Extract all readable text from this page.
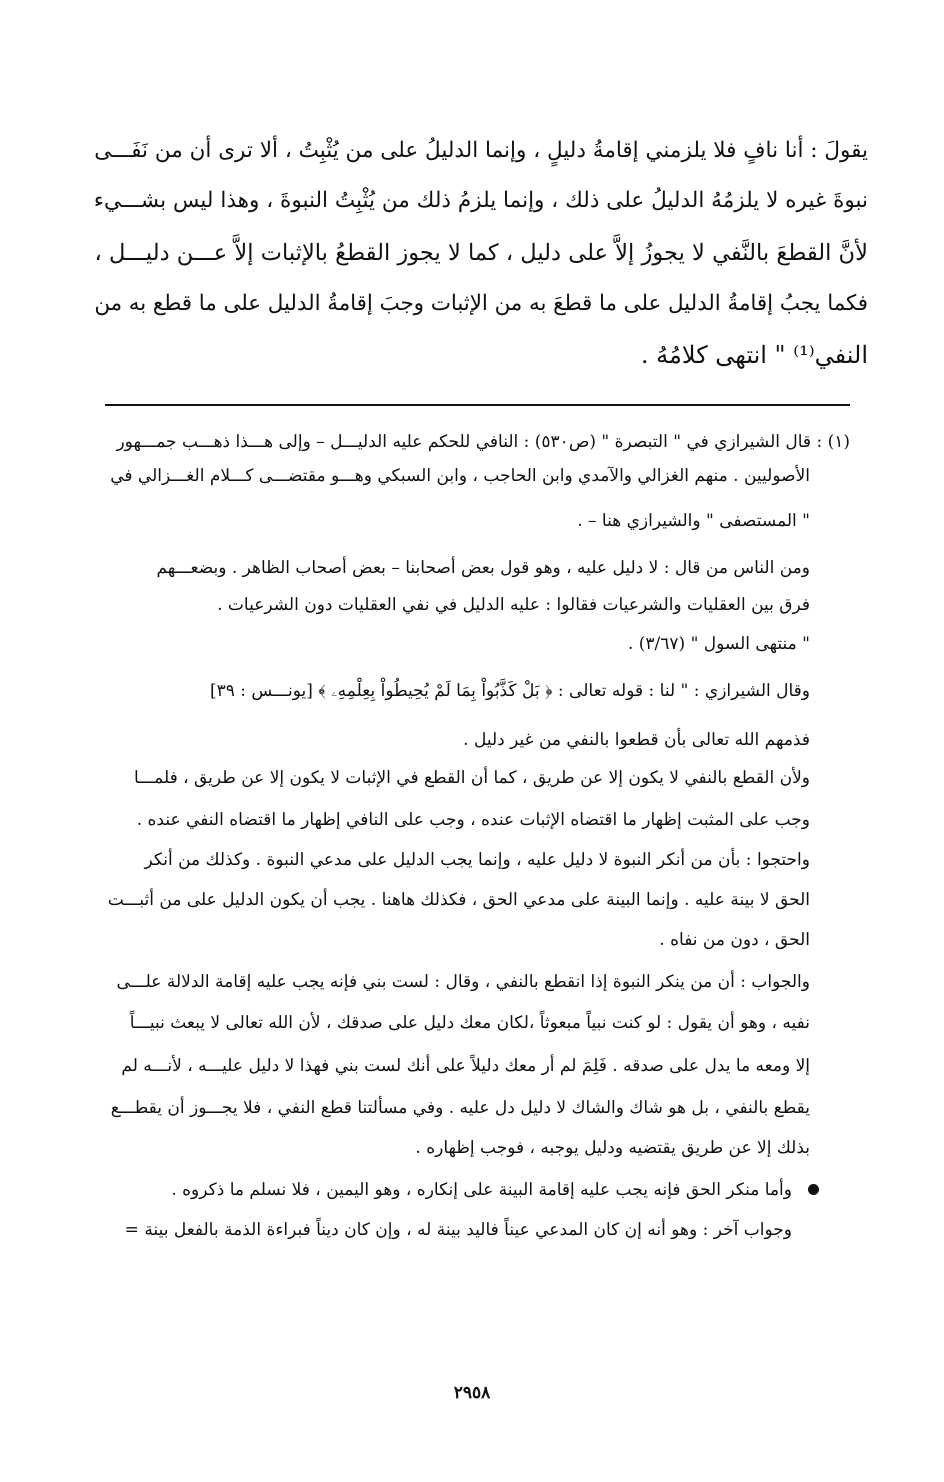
يقولَ : أنا نافٍ فلا يلزمني إقامةُ دليلٍ ، وإنما الدليلُ على من يُثْبِتُ ، ألا ترى أن من نَفَـــى
نبوةَ غيره لا يلزمُهُ الدليلُ على ذلك ، وإنما يلزمُ ذلك من يُثْبِتُ النبوةَ ، وهذا ليس بشـــيء
لأنَّ القطعَ بالنَّفي لا يجوزُ إلاَّ على دليل ، كما لا يجوز القطعُ بالإثبات إلاَّ عـــن دليـــل ،
فكما يجبُ إقامةُ الدليل على ما قطعَ به من الإثبات وجبَ إقامةُ الدليل على ما قطع به من
النفي⁽¹⁾ " انتهى كلامُهُ .
(١) : قال الشيرازي في " التبصرة " (ص٥٣٠) : النافي للحكم عليه الدليـــل – وإلى هـــذا ذهـــب جمـــهور
الأصوليين . منهم الغزالي والآمدي وابن الحاجب ، وابن السبكي وهـــو مقتضـــى كـــلام الغـــزالي في
" المستصفى " والشيرازي هنا – .
ومن الناس من قال : لا دليل عليه ، وهو قول بعض أصحابنا – بعض أصحاب الظاهر . وبضعـــهم
فرق بين العقليات والشرعيات فقالوا : عليه الدليل في نفي العقليات دون الشرعيات .
" منتهى السول " (٣/٦٧) .
وقال الشيرازي : " لنا : قوله تعالى : ﴿ بَلْ كَذَّبُواْ بِمَا لَمْ يُحِيطُواْ بِعِلْمِهِۦ ﴾ [يونـــس : ٣٩]
فذمهم الله تعالى بأن قطعوا بالنفي من غير دليل .
ولأن القطع بالنفي لا يكون إلا عن طريق ، كما أن القطع في الإثبات لا يكون إلا عن طريق ، فلمـــا
وجب على المثبت إظهار ما اقتضاه الإثبات عنده ، وجب على النافي إظهار ما اقتضاه النفي عنده .
واحتجوا : بأن من أنكر النبوة لا دليل عليه ، وإنما يجب الدليل على مدعي النبوة . وكذلك من أنكر
الحق لا بينة عليه . وإنما البينة على مدعي الحق ، فكذلك هاهنا . يجب أن يكون الدليل على من أثبـــت
الحق ، دون من نفاه .
والجواب : أن من ينكر النبوة إذا انقطع بالنفي ، وقال : لست بني فإنه يجب عليه إقامة الدلالة علـــى
نفيه ، وهو أن يقول : لو كنت نبياً مبعوثاً ،لكان معك دليل على صدقك ، لأن الله تعالى لا يبعث نبيـــاً
إلا ومعه ما يدل على صدقه . فَلِمَ لم أر معك دليلاً على أنك لست بني فهذا لا دليل عليـــه ، لأنـــه لم
يقطع بالنفي ، بل هو شاك والشاك لا دليل دل عليه . وفي مسألتنا قطع النفي ، فلا يجـــوز أن يقطـــع
بذلك إلا عن طريق يقتضيه ودليل يوجبه ، فوجب إظهاره .
وأما منكر الحق فإنه يجب عليه إقامة البينة على إنكاره ، وهو اليمين ، فلا نسلم ما ذكروه .
وجواب آخر : وهو أنه إن كان المدعي عيناً فاليد بينة له ، وإن كان ديناً فبراءة الذمة بالفعل بينة =
٢٩٥٨
